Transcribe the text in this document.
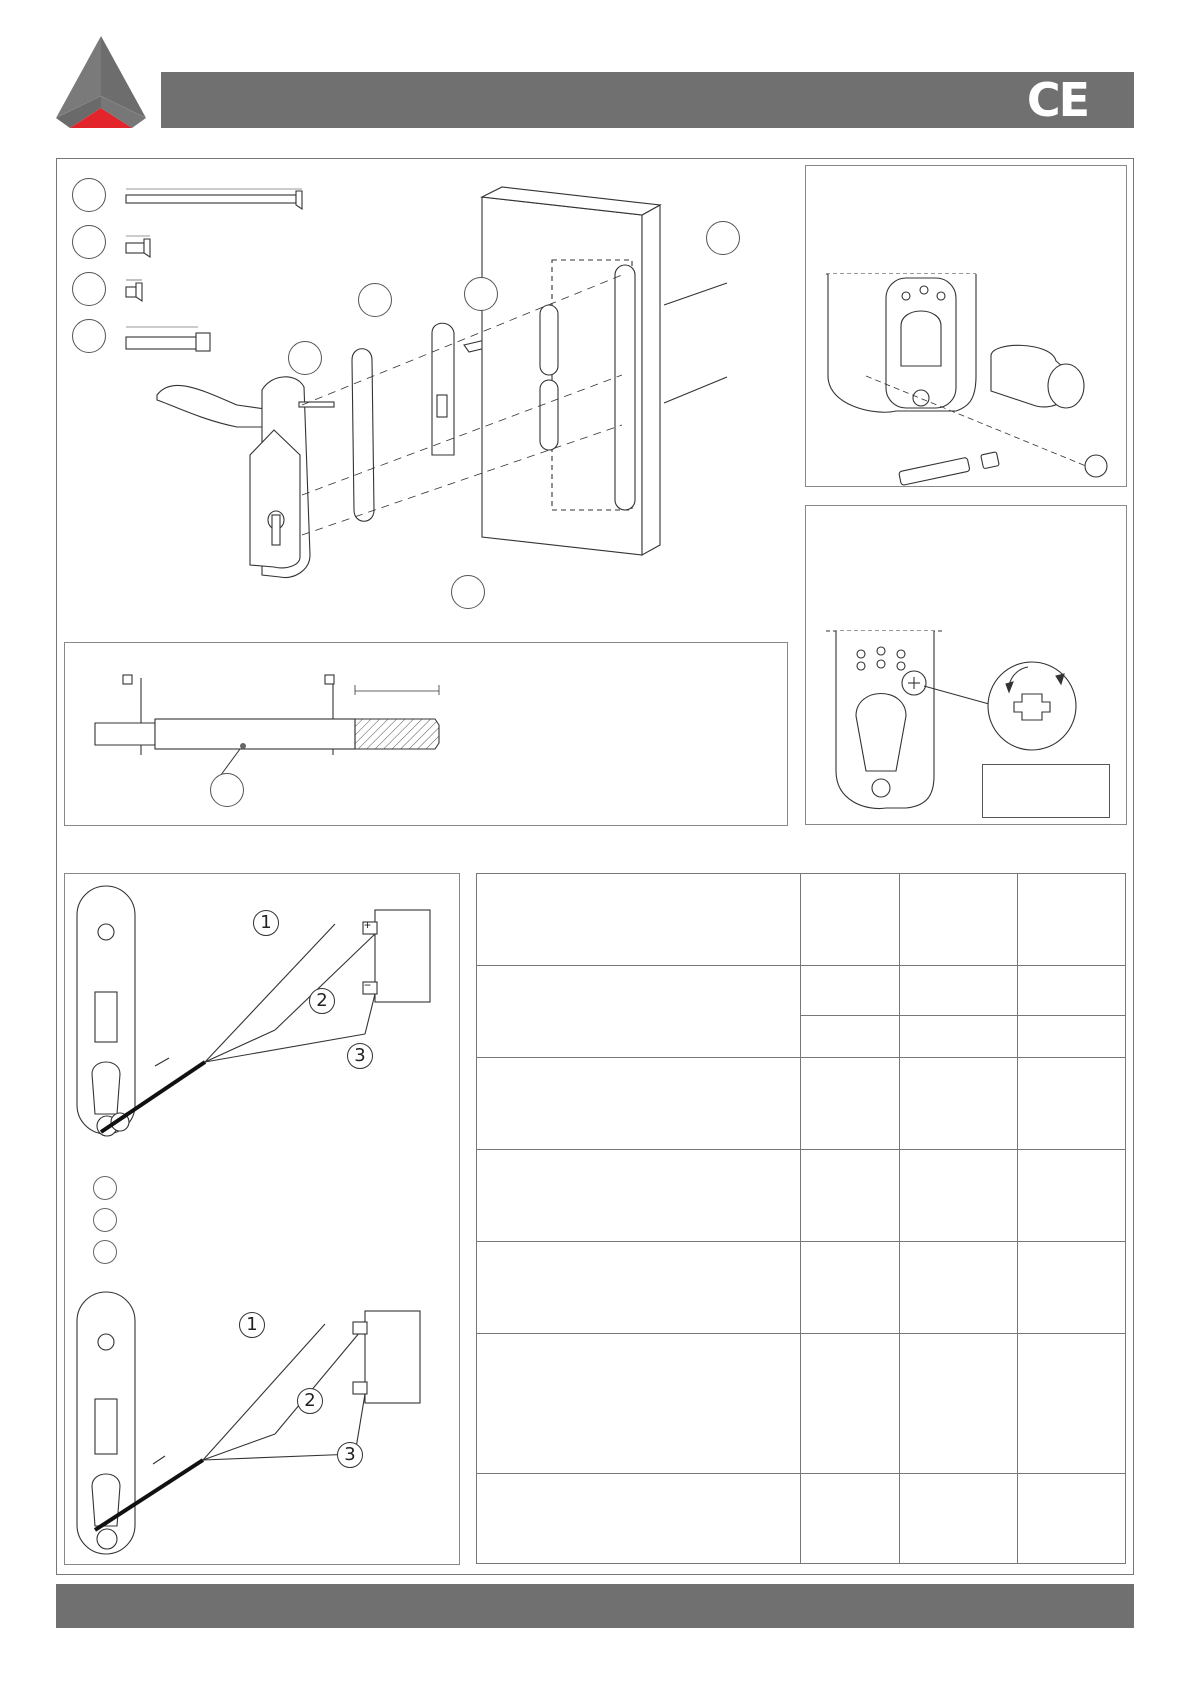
CE
+
−
1
2
3
1
2
3
